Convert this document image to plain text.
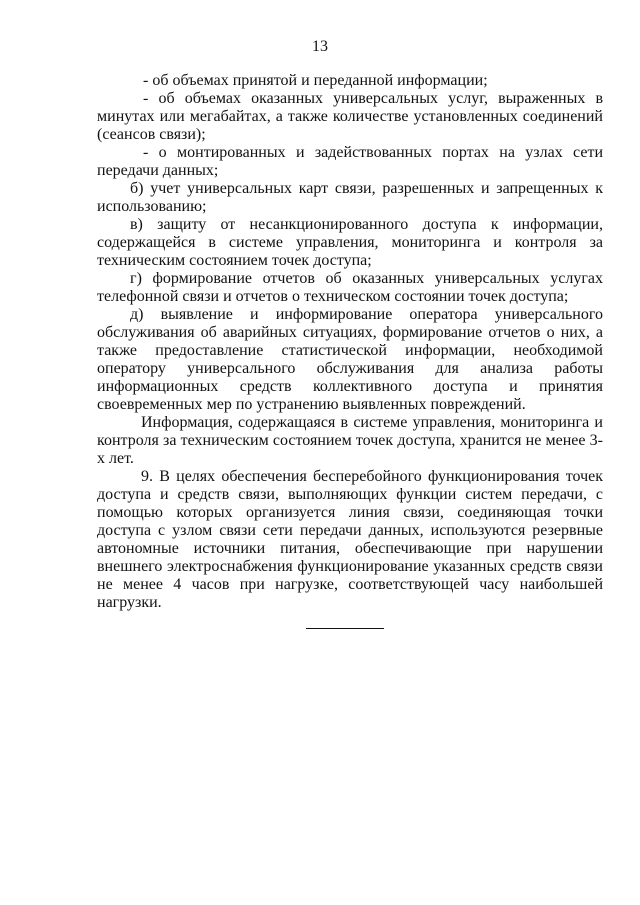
13

- об объемах принятой и переданной информации;

- об объемах оказанных универсальных услуг, выраженных в минутах или мегабайтах, а также количестве установленных соединений (сеансов связи);

- о монтированных и задействованных портах на узлах сети передачи данных;

б) учет универсальных карт связи, разрешенных и запрещенных к использованию;

в) защиту от несанкционированного доступа к информации, содержащейся в системе управления, мониторинга и контроля за техническим состоянием точек доступа;

г) формирование отчетов об оказанных универсальных услугах телефонной связи и отчетов о техническом состоянии точек доступа;

д) выявление и информирование оператора универсального обслуживания об аварийных ситуациях, формирование отчетов о них, а также предоставление статистической информации, необходимой оператору универсального обслуживания для анализа работы информационных средств коллективного доступа и принятия своевременных мер по устранению выявленных повреждений.

Информация, содержащаяся в системе управления, мониторинга и контроля за техническим состоянием точек доступа, хранится не менее 3-х лет.

9. В целях обеспечения бесперебойного функционирования точек доступа и средств связи, выполняющих функции систем передачи, с помощью которых организуется линия связи, соединяющая точки доступа с узлом связи сети передачи данных, используются резервные автономные источники питания, обеспечивающие при нарушении внешнего электроснабжения функционирование указанных средств связи не менее 4 часов при нагрузке, соответствующей часу наибольшей нагрузки.
